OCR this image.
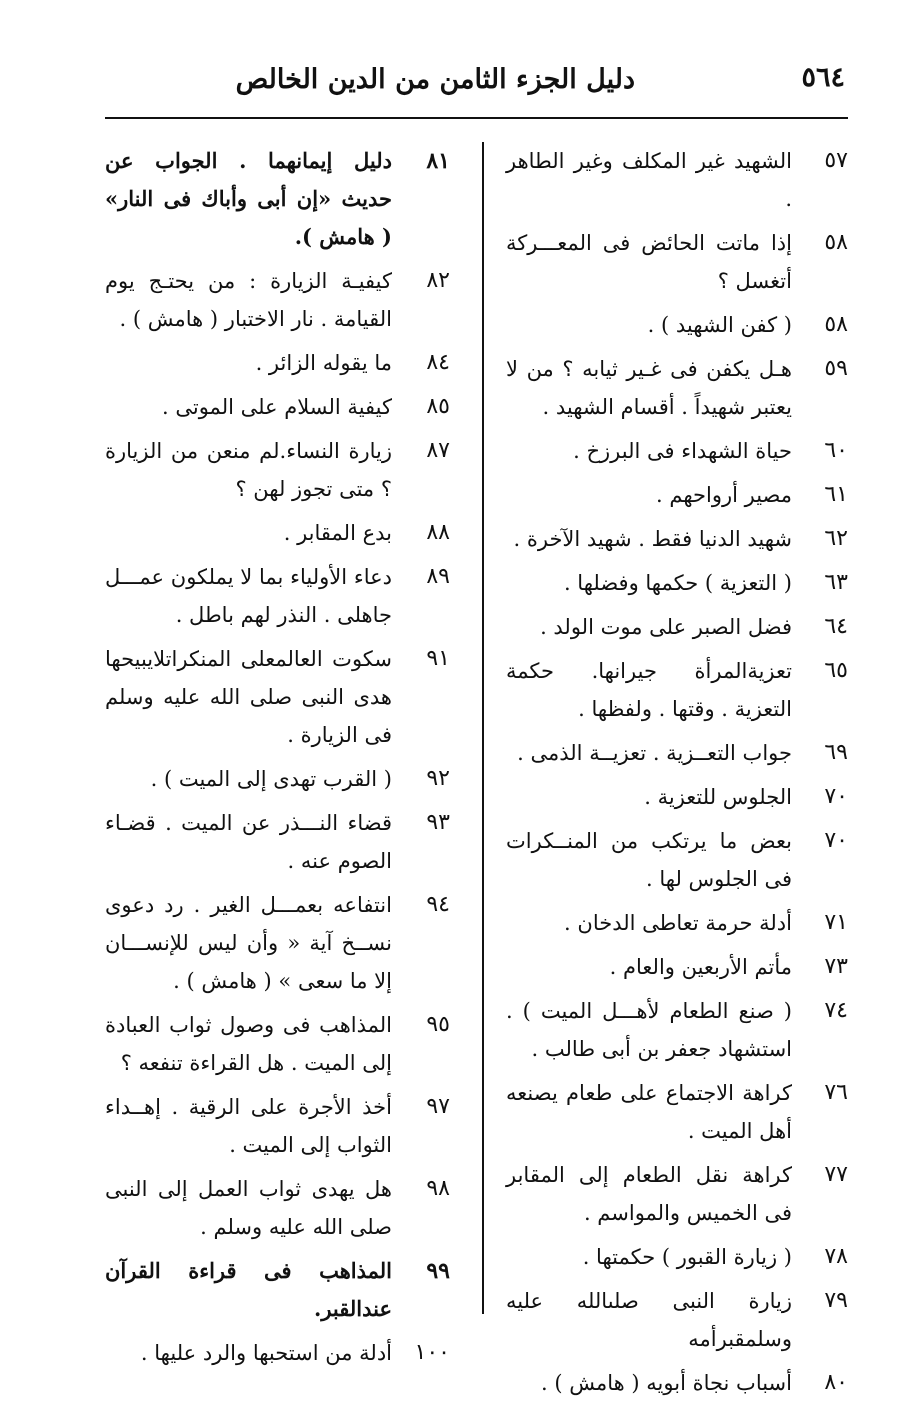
٥٦٤
دليل الجزء الثامن من الدين الخالص
٥٧
الشهيد غير المكلف وغير الطاهر .
٥٨
إذا ماتت الحائض فى المعـــركة أتغسل ؟
٥٨
( كفن الشهيد ) .
٥٩
هـل يكفن فى غـير ثيابه ؟ من لا يعتبر شهيداً . أقسام الشهيد .
٦٠
حياة الشهداء فى البرزخ .
٦١
مصير أرواحهم .
٦٢
شهيد الدنيا فقط . شهيد الآخرة .
٦٣
( التعزية ) حكمها وفضلها .
٦٤
فضل الصبر على موت الولد .
٦٥
تعزيةالمرأة جيرانها. حكمة التعزية . وقتها . ولفظها .
٦٩
جواب التعــزية . تعزيــة الذمى .
٧٠
الجلوس للتعزية .
٧٠
بعض ما يرتكب من المنــكرات فى الجلوس لها .
٧١
أدلة حرمة تعاطى الدخان .
٧٣
مأتم الأربعين والعام .
٧٤
( صنع الطعام لأهـــل الميت ) . استشهاد جعفر بن أبى طالب .
٧٦
كراهة الاجتماع على طعام يصنعه أهل الميت .
٧٧
كراهة نقل الطعام إلى المقابر فى الخميس والمواسم .
٧٨
( زيارة القبور ) حكمتها .
٧٩
زيارة النبى صلىالله عليه وسلمقبرأمه
٨٠
أسباب نجاة أبويه ( هامش ) .
٨١
دليل إيمانهما . الجواب عن حديث «إن أبى وأباك فى النار» ( هامش ).
٨٢
كيفيـة الزيارة : من يحتـج يوم القيامة . نار الاختبار ( هامش ) .
٨٤
ما يقوله الزائر .
٨٥
كيفية السلام على الموتى .
٨٧
زيارة النساء.لم منعن من الزيارة ؟ متى تجوز لهن ؟
٨٨
بدع المقابر .
٨٩
دعاء الأولياء بما لا يملكون عمـــل جاهلى . النذر لهم باطل .
٩١
سكوت العالمعلى المنكراتلايبيحها هدى النبى صلى الله عليه وسلم فى الزيارة .
٩٢
( القرب تهدى إلى الميت ) .
٩٣
قضاء النـــذر عن الميت . قضـاء الصوم عنه .
٩٤
انتفاعه بعمـــل الغير . رد دعوى نســخ آية « وأن ليس للإنســـان إلا ما سعى » ( هامش ) .
٩٥
المذاهب فى وصول ثواب العبادة إلى الميت . هل القراءة تنفعه ؟
٩٧
أخذ الأجرة على الرقية . إهــداء الثواب إلى الميت .
٩٨
هل يهدى ثواب العمل إلى النبى صلى الله عليه وسلم .
٩٩
المذاهب فى قراءة القرآن عندالقبر.
١٠٠
أدلة من استحبها والرد عليها .
